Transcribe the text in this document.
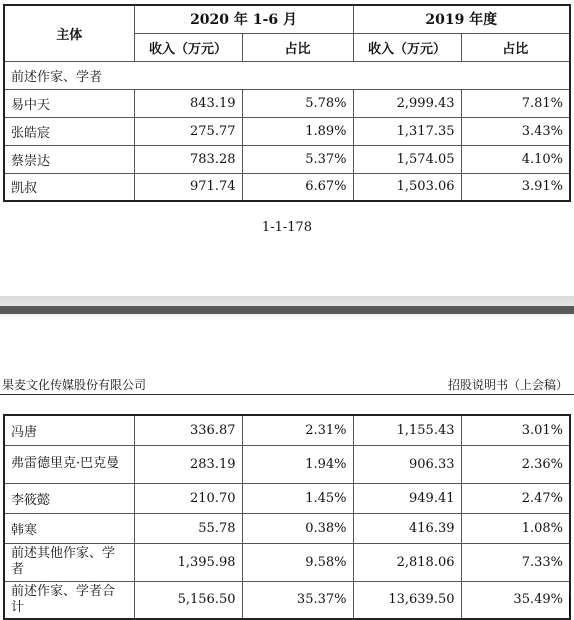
主体	2020 年 1-6 月		2019 年度	
	收入（万元）	占比	收入（万元）	占比
前述作家、学者				
易中天	843.19	5.78%	2,999.43	7.81%
张皓宸	275.77	1.89%	1,317.35	3.43%
蔡崇达	783.28	5.37%	1,574.05	4.10%
凯叔	971.74	6.67%	1,503.06	3.91%
1-1-178
果麦文化传媒股份有限公司	招股说明书（上会稿）
冯唐	336.87	2.31%	1,155.43	3.01%
弗雷德里克·巴克曼	283.19	1.94%	906.33	2.36%
李筱懿	210.70	1.45%	949.41	2.47%
韩寒	55.78	0.38%	416.39	1.08%
前述其他作家、学者	1,395.98	9.58%	2,818.06	7.33%
前述作家、学者合计	5,156.50	35.37%	13,639.50	35.49%
